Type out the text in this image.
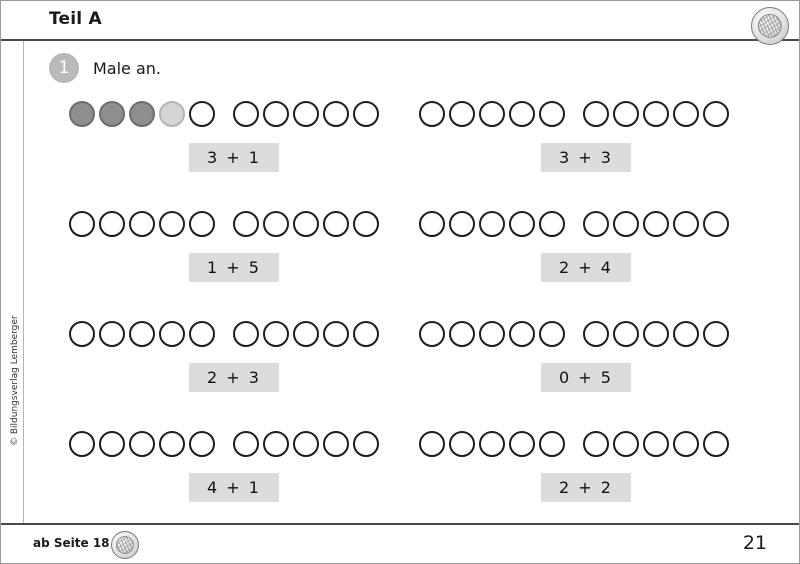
Teil A
© Bildungsverlag Lemberger
1	Male an.
3 + 1	3 + 3
1 + 5	2 + 4
2 + 3	0 + 5
4 + 1	2 + 2
ab Seite 18	21
